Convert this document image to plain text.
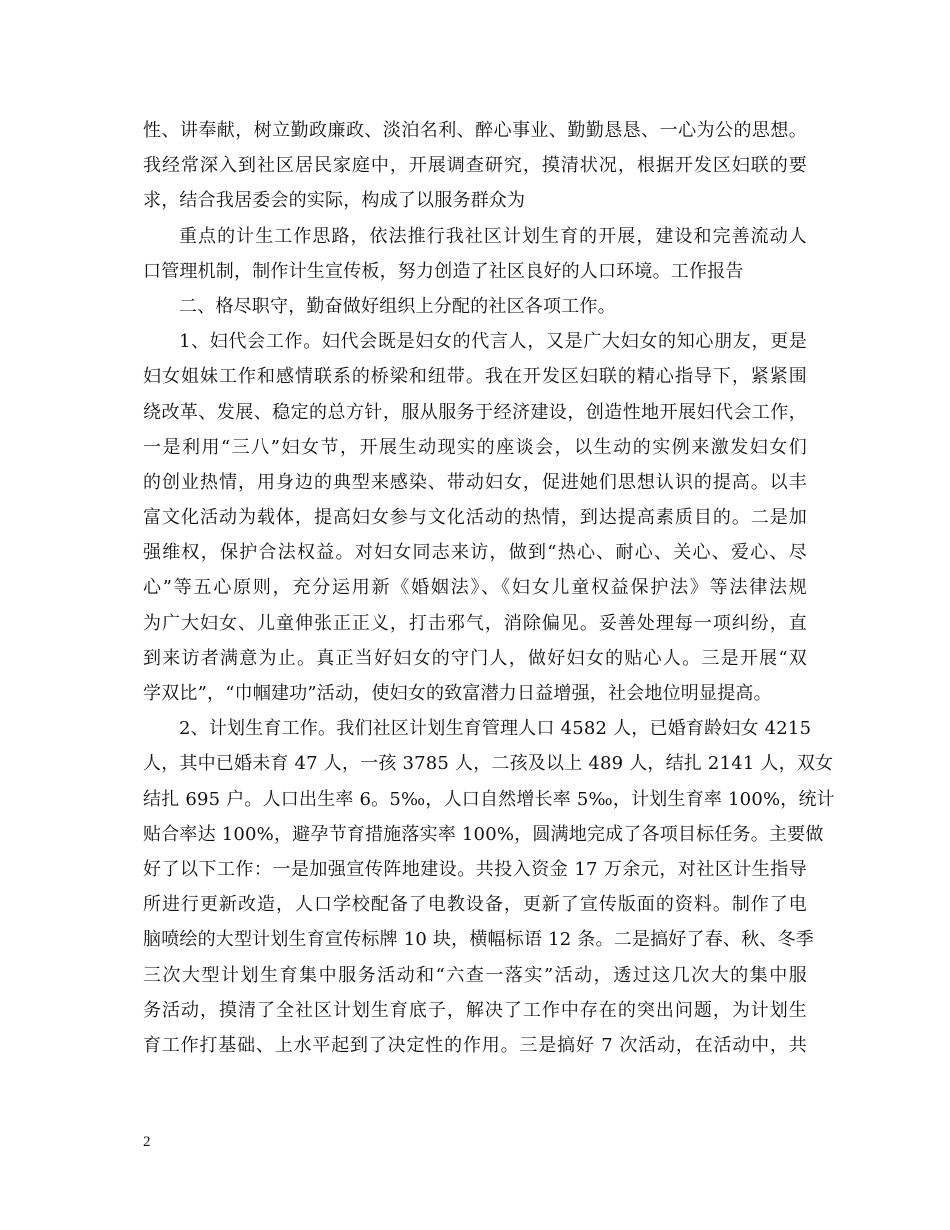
性、讲奉献，树立勤政廉政、淡泊名利、醉心事业、勤勤恳恳、一心为公的思想。
我经常深入到社区居民家庭中，开展调查研究，摸清状况，根据开发区妇联的要
求，结合我居委会的实际，构成了以服务群众为
重点的计生工作思路，依法推行我社区计划生育的开展，建设和完善流动人
口管理机制，制作计生宣传板，努力创造了社区良好的人口环境。工作报告
二、格尽职守，勤奋做好组织上分配的社区各项工作。
1、妇代会工作。妇代会既是妇女的代言人，又是广大妇女的知心朋友，更是
妇女姐妹工作和感情联系的桥梁和纽带。我在开发区妇联的精心指导下，紧紧围
绕改革、发展、稳定的总方针，服从服务于经济建设，创造性地开展妇代会工作，
一是利用“三八”妇女节，开展生动现实的座谈会，以生动的实例来激发妇女们
的创业热情，用身边的典型来感染、带动妇女，促进她们思想认识的提高。以丰
富文化活动为载体，提高妇女参与文化活动的热情，到达提高素质目的。二是加
强维权，保护合法权益。对妇女同志来访，做到“热心、耐心、关心、爱心、尽
心”等五心原则，充分运用新《婚姻法》、《妇女儿童权益保护法》等法律法规
为广大妇女、儿童伸张正正义，打击邪气，消除偏见。妥善处理每一项纠纷，直
到来访者满意为止。真正当好妇女的守门人，做好妇女的贴心人。三是开展“双
学双比”，“巾帼建功”活动，使妇女的致富潜力日益增强，社会地位明显提高。
2、计划生育工作。我们社区计划生育管理人口 4582 人，已婚育龄妇女 4215
人，其中已婚未育 47 人，一孩 3785 人，二孩及以上 489 人，结扎 2141 人，双女
结扎 695 户。人口出生率 6。5‰，人口自然增长率 5‰，计划生育率 100%，统计
贴合率达 100%，避孕节育措施落实率 100%，圆满地完成了各项目标任务。主要做
好了以下工作：一是加强宣传阵地建设。共投入资金 17 万余元，对社区计生指导
所进行更新改造，人口学校配备了电教设备，更新了宣传版面的资料。制作了电
脑喷绘的大型计划生育宣传标牌 10 块，横幅标语 12 条。二是搞好了春、秋、冬季
三次大型计划生育集中服务活动和“六查一落实”活动，透过这几次大的集中服
务活动，摸清了全社区计划生育底子，解决了工作中存在的突出问题，为计划生
育工作打基础、上水平起到了决定性的作用。三是搞好 7 次活动，在活动中，共
2
